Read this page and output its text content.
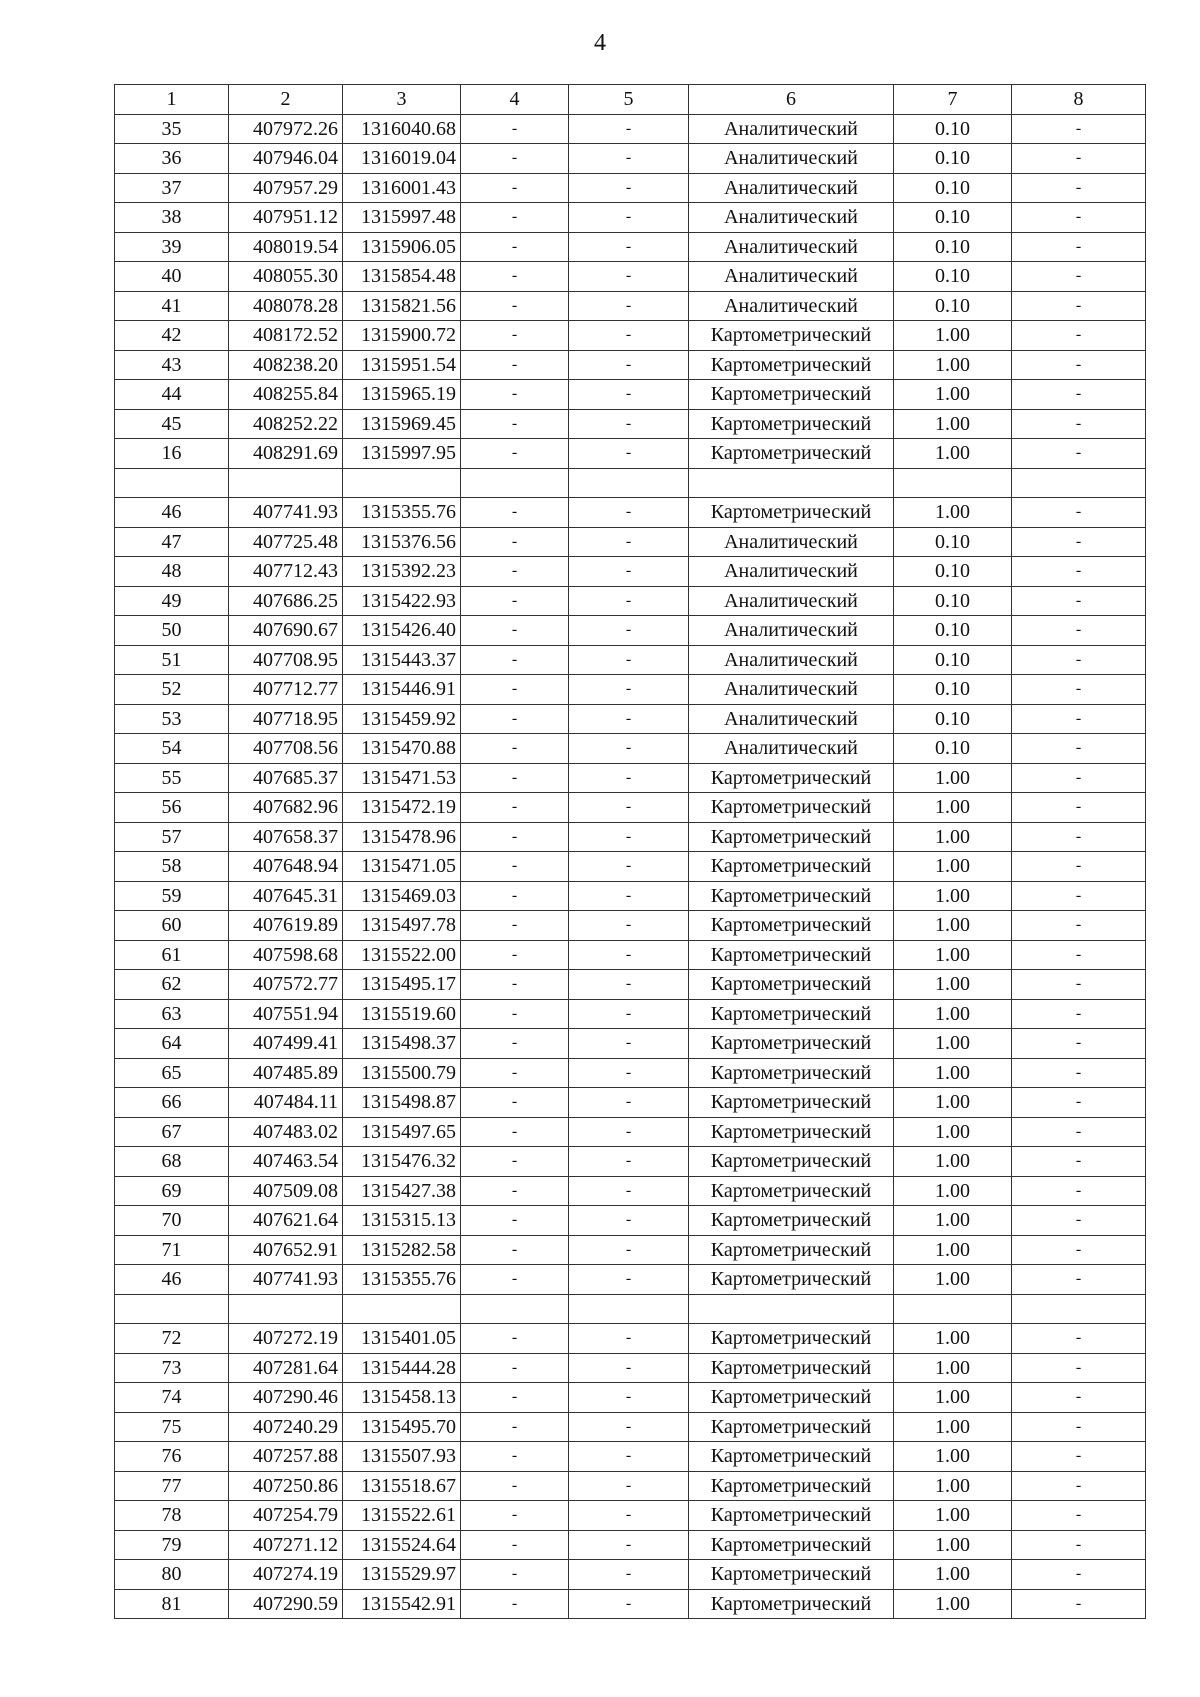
4
1	2	3	4	5	6	7	8
35	407972.26	1316040.68	-	-	Аналитический	0.10	-
36	407946.04	1316019.04	-	-	Аналитический	0.10	-
37	407957.29	1316001.43	-	-	Аналитический	0.10	-
38	407951.12	1315997.48	-	-	Аналитический	0.10	-
39	408019.54	1315906.05	-	-	Аналитический	0.10	-
40	408055.30	1315854.48	-	-	Аналитический	0.10	-
41	408078.28	1315821.56	-	-	Аналитический	0.10	-
42	408172.52	1315900.72	-	-	Картометрический	1.00	-
43	408238.20	1315951.54	-	-	Картометрический	1.00	-
44	408255.84	1315965.19	-	-	Картометрический	1.00	-
45	408252.22	1315969.45	-	-	Картометрический	1.00	-
16	408291.69	1315997.95	-	-	Картометрический	1.00	-

46	407741.93	1315355.76	-	-	Картометрический	1.00	-
47	407725.48	1315376.56	-	-	Аналитический	0.10	-
48	407712.43	1315392.23	-	-	Аналитический	0.10	-
49	407686.25	1315422.93	-	-	Аналитический	0.10	-
50	407690.67	1315426.40	-	-	Аналитический	0.10	-
51	407708.95	1315443.37	-	-	Аналитический	0.10	-
52	407712.77	1315446.91	-	-	Аналитический	0.10	-
53	407718.95	1315459.92	-	-	Аналитический	0.10	-
54	407708.56	1315470.88	-	-	Аналитический	0.10	-
55	407685.37	1315471.53	-	-	Картометрический	1.00	-
56	407682.96	1315472.19	-	-	Картометрический	1.00	-
57	407658.37	1315478.96	-	-	Картометрический	1.00	-
58	407648.94	1315471.05	-	-	Картометрический	1.00	-
59	407645.31	1315469.03	-	-	Картометрический	1.00	-
60	407619.89	1315497.78	-	-	Картометрический	1.00	-
61	407598.68	1315522.00	-	-	Картометрический	1.00	-
62	407572.77	1315495.17	-	-	Картометрический	1.00	-
63	407551.94	1315519.60	-	-	Картометрический	1.00	-
64	407499.41	1315498.37	-	-	Картометрический	1.00	-
65	407485.89	1315500.79	-	-	Картометрический	1.00	-
66	407484.11	1315498.87	-	-	Картометрический	1.00	-
67	407483.02	1315497.65	-	-	Картометрический	1.00	-
68	407463.54	1315476.32	-	-	Картометрический	1.00	-
69	407509.08	1315427.38	-	-	Картометрический	1.00	-
70	407621.64	1315315.13	-	-	Картометрический	1.00	-
71	407652.91	1315282.58	-	-	Картометрический	1.00	-
46	407741.93	1315355.76	-	-	Картометрический	1.00	-

72	407272.19	1315401.05	-	-	Картометрический	1.00	-
73	407281.64	1315444.28	-	-	Картометрический	1.00	-
74	407290.46	1315458.13	-	-	Картометрический	1.00	-
75	407240.29	1315495.70	-	-	Картометрический	1.00	-
76	407257.88	1315507.93	-	-	Картометрический	1.00	-
77	407250.86	1315518.67	-	-	Картометрический	1.00	-
78	407254.79	1315522.61	-	-	Картометрический	1.00	-
79	407271.12	1315524.64	-	-	Картометрический	1.00	-
80	407274.19	1315529.97	-	-	Картометрический	1.00	-
81	407290.59	1315542.91	-	-	Картометрический	1.00	-
